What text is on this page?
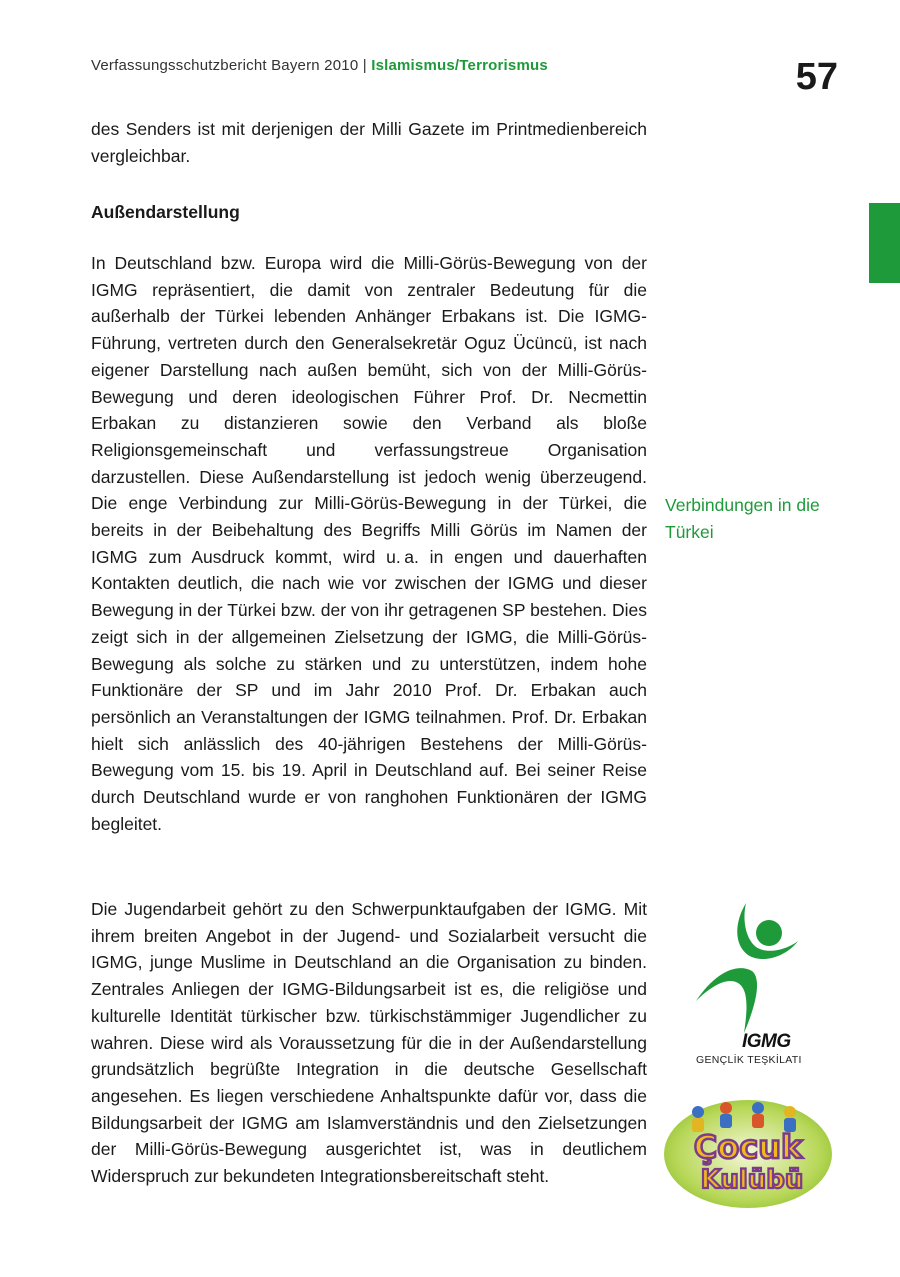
Verfassungsschutzbericht Bayern 2010 | Islamismus/Terrorismus	57
des Senders ist mit derjenigen der Milli Gazete im Printmedienbereich vergleichbar.
Außendarstellung
In Deutschland bzw. Europa wird die Milli-Görüs-Bewegung von der IGMG repräsentiert, die damit von zentraler Bedeutung für die außerhalb der Türkei lebenden Anhänger Erbakans ist. Die IGMG-Führung, vertreten durch den Generalsekretär Oguz Ücüncü, ist nach eigener Darstellung nach außen bemüht, sich von der Milli-Görüs-Bewegung und deren ideologischen Führer Prof. Dr. Necmettin Erbakan zu distanzieren sowie den Verband als bloße Religionsgemeinschaft und verfassungstreue Organisation darzustellen. Diese Außendarstellung ist jedoch wenig überzeugend. Die enge Verbindung zur Milli-Görüs-Bewegung in der Türkei, die bereits in der Beibehaltung des Begriffs Milli Görüs im Namen der IGMG zum Ausdruck kommt, wird u. a. in engen und dauerhaften Kontakten deutlich, die nach wie vor zwischen der IGMG und dieser Bewegung in der Türkei bzw. der von ihr getragenen SP bestehen. Dies zeigt sich in der allgemeinen Zielsetzung der IGMG, die Milli-Görüs-Bewegung als solche zu stärken und zu unterstützen, indem hohe Funktionäre der SP und im Jahr 2010 Prof. Dr. Erbakan auch persönlich an Veranstaltungen der IGMG teilnahmen. Prof. Dr. Erbakan hielt sich anlässlich des 40-jährigen Bestehens der Milli-Görüs-Bewegung vom 15. bis 19. April in Deutschland auf. Bei seiner Reise durch Deutschland wurde er von ranghohen Funktionären der IGMG begleitet.
Verbindungen in die Türkei
Die Jugendarbeit gehört zu den Schwerpunktaufgaben der IGMG. Mit ihrem breiten Angebot in der Jugend- und Sozialarbeit versucht die IGMG, junge Muslime in Deutschland an die Organisation zu binden. Zentrales Anliegen der IGMG-Bildungsarbeit ist es, die religiöse und kulturelle Identität türkischer bzw. türkischstämmiger Jugendlicher zu wahren. Diese wird als Voraussetzung für die in der Außendarstellung grundsätzlich begrüßte Integration in die deutsche Gesellschaft angesehen. Es liegen verschiedene Anhaltspunkte dafür vor, dass die Bildungsarbeit der IGMG am Islamverständnis und den Zielsetzungen der Milli-Görüs-Bewegung ausgerichtet ist, was in deutlichem Widerspruch zur bekundeten Integrationsbereitschaft steht.
IGMG
GENÇLİK TEŞKİLATI
Çocuk
Kulübü
